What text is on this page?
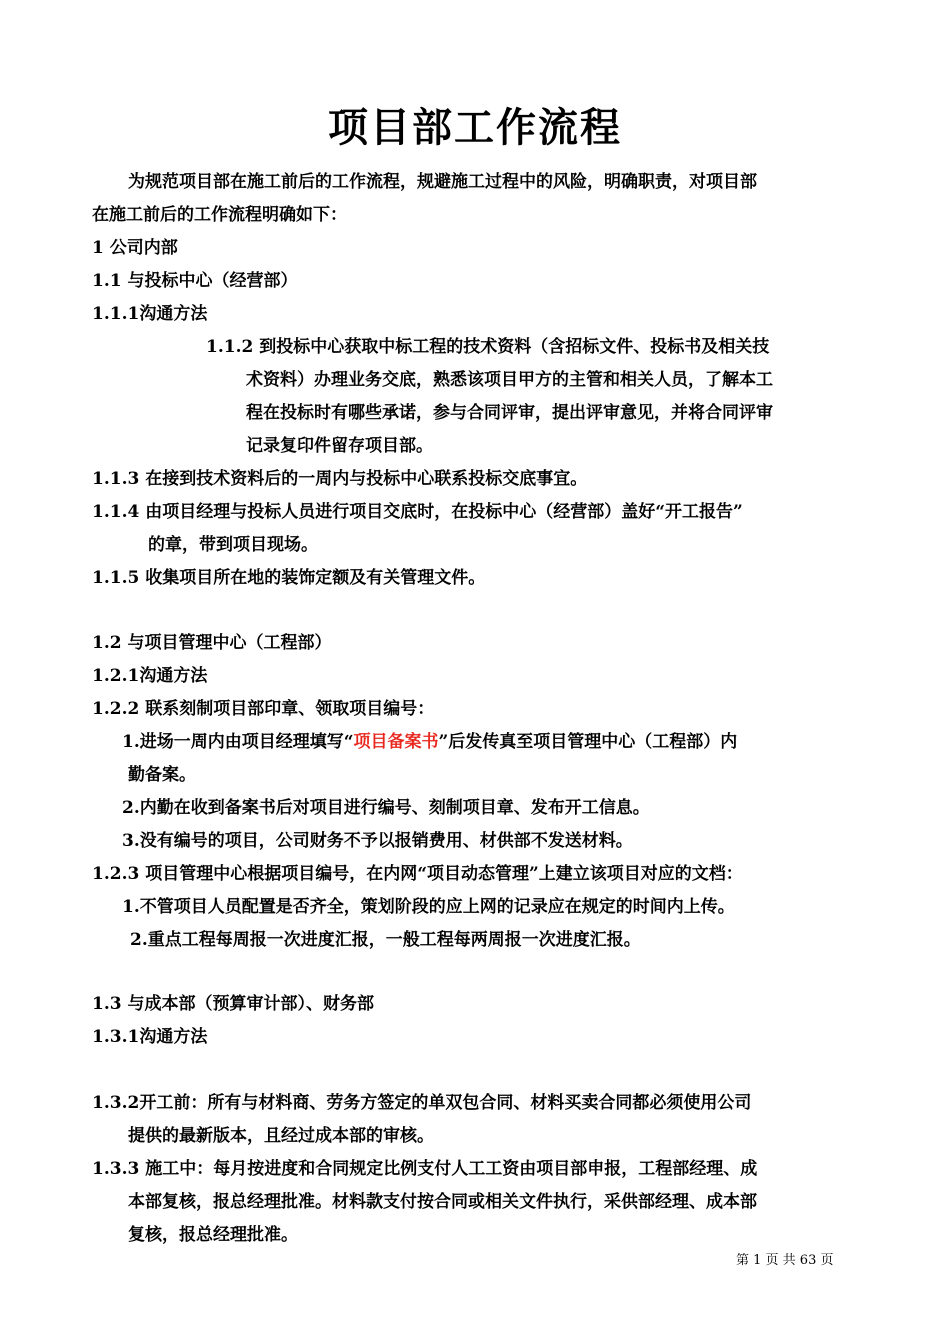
项目部工作流程
为规范项目部在施工前后的工作流程，规避施工过程中的风险，明确职责，对项目部
在施工前后的工作流程明确如下：
1 公司内部
1.1 与投标中心（经营部）
1.1.1沟通方法
1.1.2 到投标中心获取中标工程的技术资料（含招标文件、投标书及相关技
术资料）办理业务交底，熟悉该项目甲方的主管和相关人员，了解本工
程在投标时有哪些承诺，参与合同评审，提出评审意见，并将合同评审
记录复印件留存项目部。
1.1.3 在接到技术资料后的一周内与投标中心联系投标交底事宜。
1.1.4 由项目经理与投标人员进行项目交底时，在投标中心（经营部）盖好“开工报告”
的章，带到项目现场。
1.1.5 收集项目所在地的装饰定额及有关管理文件。
1.2 与项目管理中心（工程部）
1.2.1沟通方法
1.2.2 联系刻制项目部印章、领取项目编号：
1.进场一周内由项目经理填写“项目备案书”后发传真至项目管理中心（工程部）内
勤备案。
2.内勤在收到备案书后对项目进行编号、刻制项目章、发布开工信息。
3.没有编号的项目，公司财务不予以报销费用、材供部不发送材料。
1.2.3 项目管理中心根据项目编号，在内网“项目动态管理”上建立该项目对应的文档：
1.不管项目人员配置是否齐全，策划阶段的应上网的记录应在规定的时间内上传。
2.重点工程每周报一次进度汇报，一般工程每两周报一次进度汇报。
1.3 与成本部（预算审计部）、财务部
1.3.1沟通方法
1.3.2开工前：所有与材料商、劳务方签定的单双包合同、材料买卖合同都必须使用公司
提供的最新版本，且经过成本部的审核。
1.3.3 施工中：每月按进度和合同规定比例支付人工工资由项目部申报，工程部经理、成
本部复核，报总经理批准。材料款支付按合同或相关文件执行，采供部经理、成本部
复核，报总经理批准。
第 1 页 共 63 页
